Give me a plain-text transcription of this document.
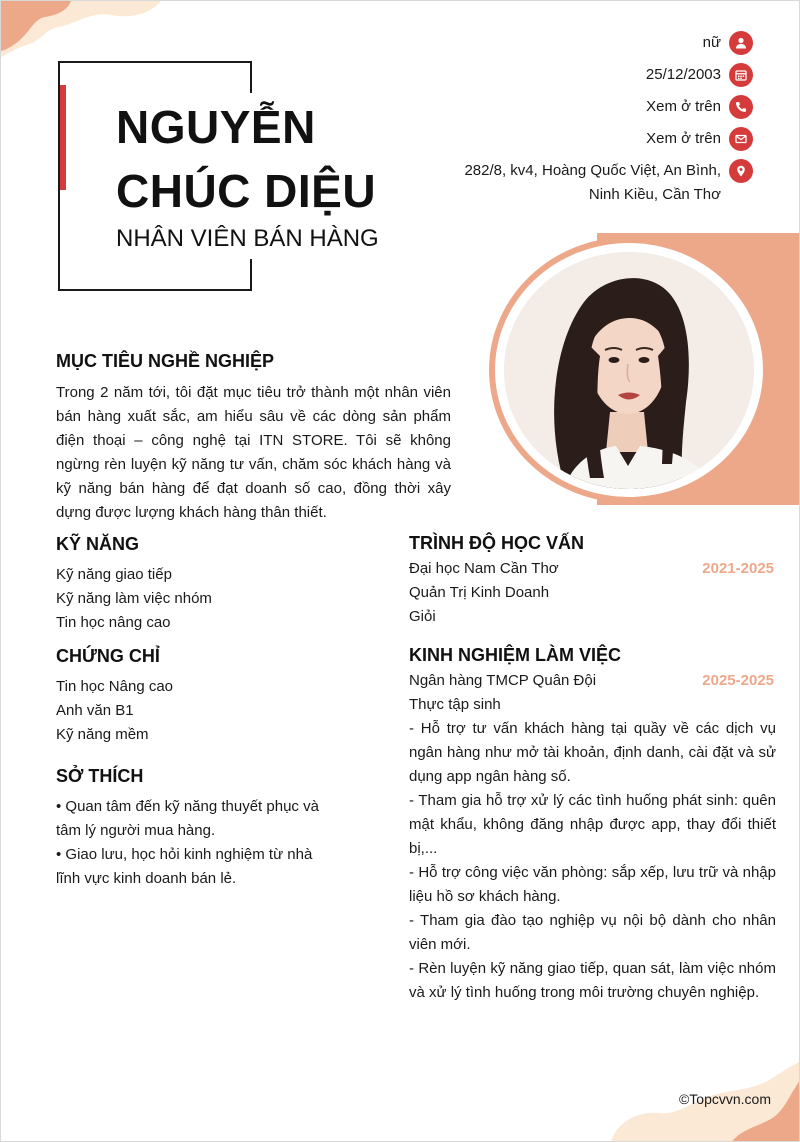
NGUYỄN
CHÚC DIỆU
NHÂN VIÊN BÁN HÀNG
nữ
25/12/2003
Xem ở trên
Xem ở trên
282/8, kv4, Hoàng Quốc Việt, An Bình,
Ninh Kiều, Cần Thơ
MỤC TIÊU NGHỀ NGHIỆP
Trong 2 năm tới, tôi đặt mục tiêu trở thành một nhân viên bán hàng xuất sắc, am hiểu sâu về các dòng sản phẩm điện thoại – công nghệ tại ITN STORE. Tôi sẽ không ngừng rèn luyện kỹ năng tư vấn, chăm sóc khách hàng và kỹ năng bán hàng để đạt doanh số cao, đồng thời xây dựng được lượng khách hàng thân thiết.
KỸ NĂNG
Kỹ năng giao tiếp
Kỹ năng làm việc nhóm
Tin học nâng cao
CHỨNG CHỈ
Tin học Nâng cao
Anh văn B1
Kỹ năng mềm
SỞ THÍCH
• Quan tâm đến kỹ năng thuyết phục và tâm lý người mua hàng.
• Giao lưu, học hỏi kinh nghiệm từ nhà lĩnh vực kinh doanh bán lẻ.
TRÌNH ĐỘ HỌC VẤN
2021-2025
Đại học Nam Cần Thơ
Quản Trị Kinh Doanh
Giỏi
KINH NGHIỆM LÀM VIỆC
2025-2025
Ngân hàng TMCP Quân Đội
Thực tập sinh
- Hỗ trợ tư vấn khách hàng tại quầy về các dịch vụ ngân hàng như mở tài khoản, định danh, cài đặt và sử dụng app ngân hàng số.
- Tham gia hỗ trợ xử lý các tình huống phát sinh: quên mật khẩu, không đăng nhập được app, thay đổi thiết bị,...
- Hỗ trợ công việc văn phòng: sắp xếp, lưu trữ và nhập liệu hồ sơ khách hàng.
- Tham gia đào tạo nghiệp vụ nội bộ dành cho nhân viên mới.
- Rèn luyện kỹ năng giao tiếp, quan sát, làm việc nhóm và xử lý tình huống trong môi trường chuyên nghiệp.
©Topcvvn.com
